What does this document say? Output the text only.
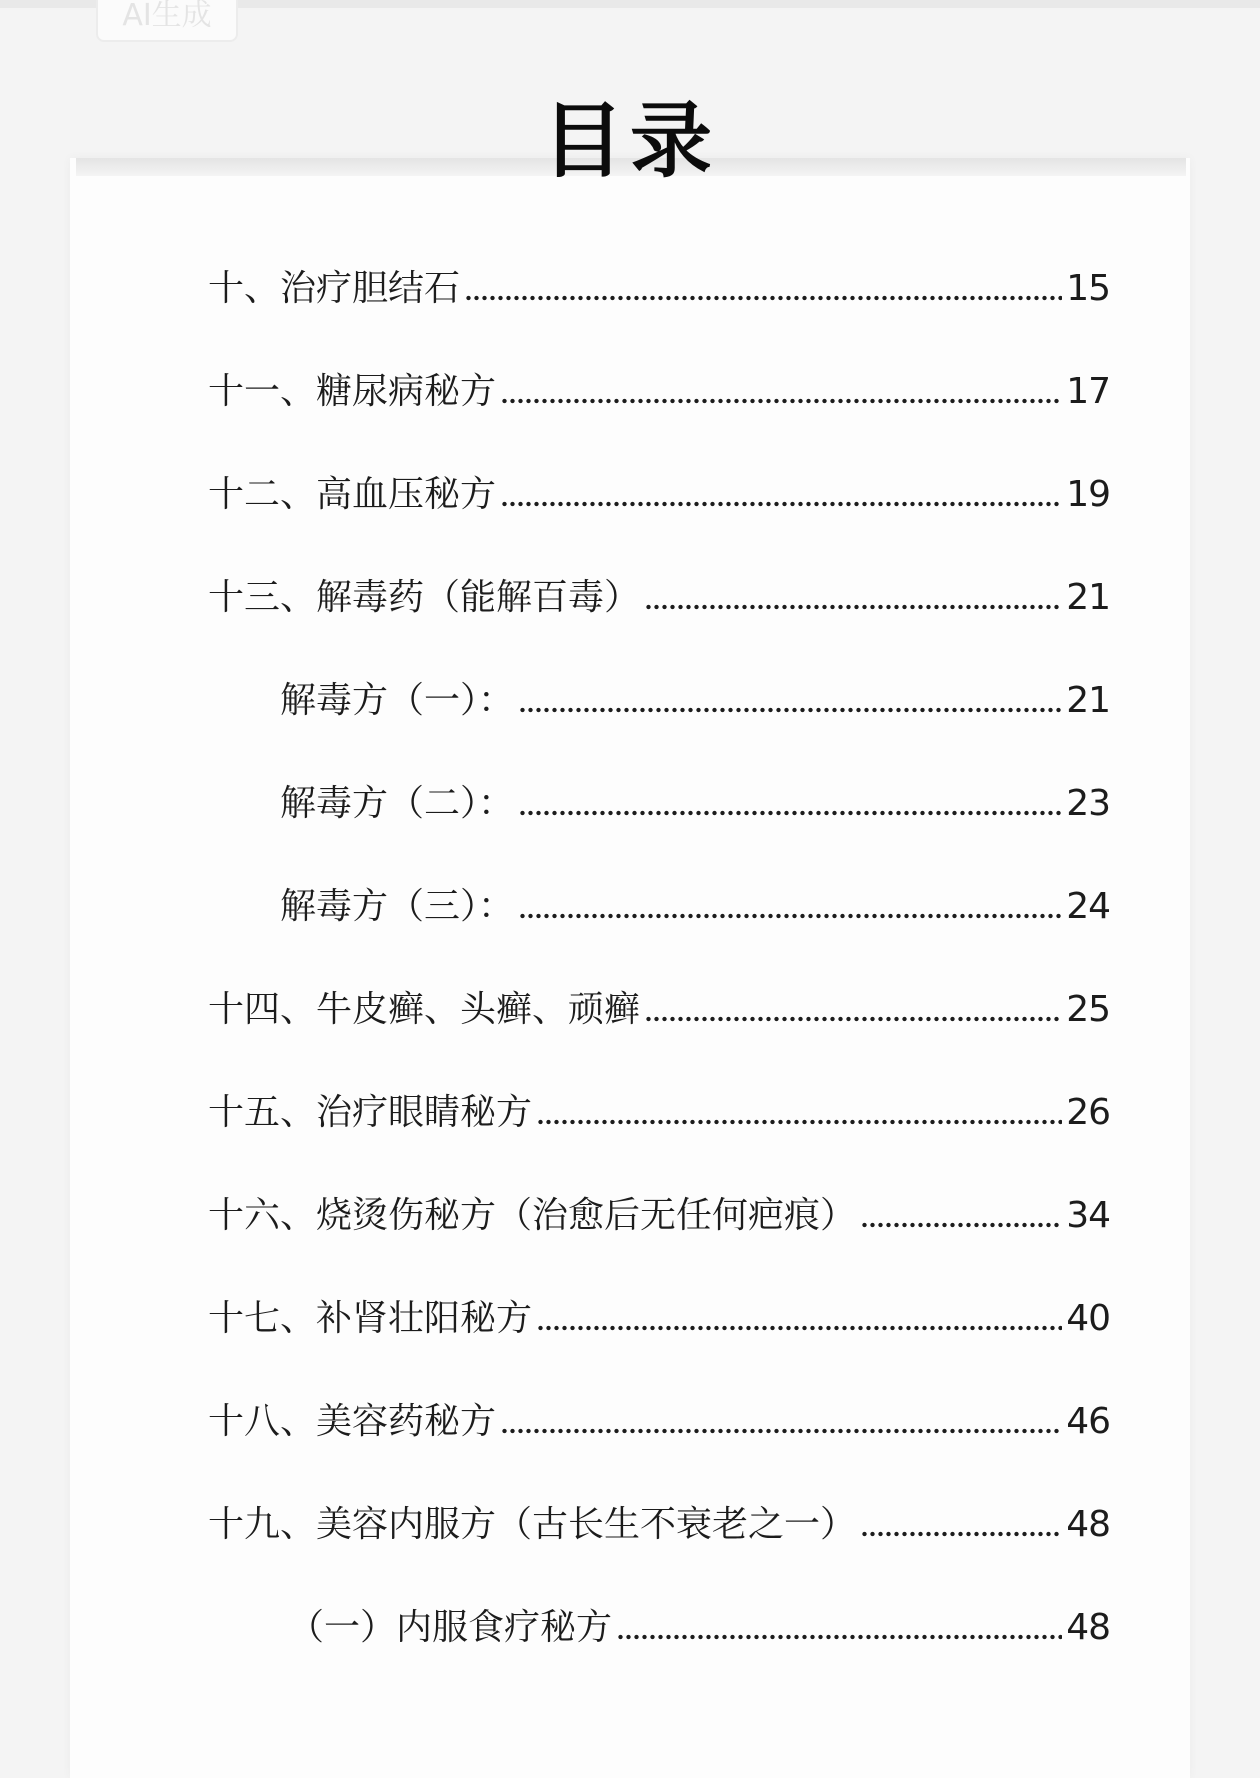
AI生成
目录
十、治疗胆结石	15
十一、糖尿病秘方	17
十二、高血压秘方	19
十三、解毒药（能解百毒）	21
解毒方（一）：	21
解毒方（二）：	23
解毒方（三）：	24
十四、牛皮癣、头癣、顽癣	25
十五、治疗眼睛秘方	26
十六、烧烫伤秘方（治愈后无任何疤痕）	34
十七、补肾壮阳秘方	40
十八、美容药秘方	46
十九、美容内服方（古长生不衰老之一）	48
（一）内服食疗秘方	48
